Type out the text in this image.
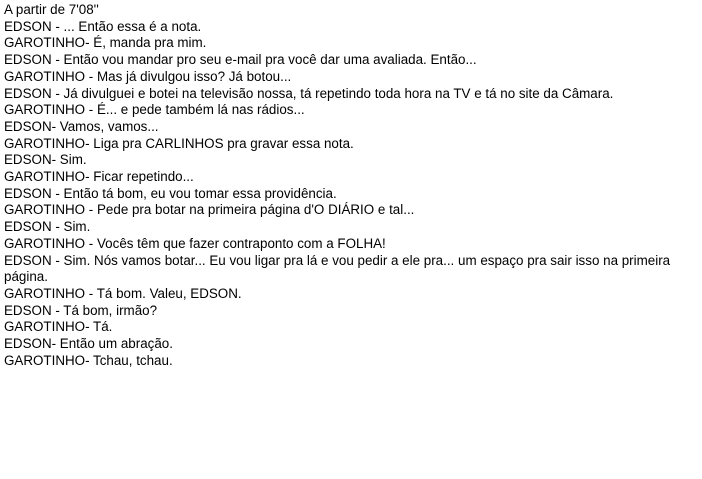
A partir de 7'08''
EDSON - ... Então essa é a nota.
GAROTINHO- É, manda pra mim.
EDSON - Então vou mandar pro seu e-mail pra você dar uma avaliada. Então...
GAROTINHO - Mas já divulgou isso? Já botou...
EDSON - Já divulguei e botei na televisão nossa, tá repetindo toda hora na TV e tá no site da Câmara.
GAROTINHO - É... e pede também lá nas rádios...
EDSON- Vamos, vamos...
GAROTINHO- Liga pra CARLINHOS pra gravar essa nota.
EDSON- Sim.
GAROTINHO- Ficar repetindo...
EDSON - Então tá bom, eu vou tomar essa providência.
GAROTINHO - Pede pra botar na primeira página d'O DIÁRIO e tal...
EDSON - Sim.
GAROTINHO - Vocês têm que fazer contraponto com a FOLHA!
EDSON - Sim. Nós vamos botar... Eu vou ligar pra lá e vou pedir a ele pra... um espaço pra sair isso na primeira página.
GAROTINHO - Tá bom. Valeu, EDSON.
EDSON - Tá bom, irmão?
GAROTINHO- Tá.
EDSON- Então um abração.
GAROTINHO- Tchau, tchau.
